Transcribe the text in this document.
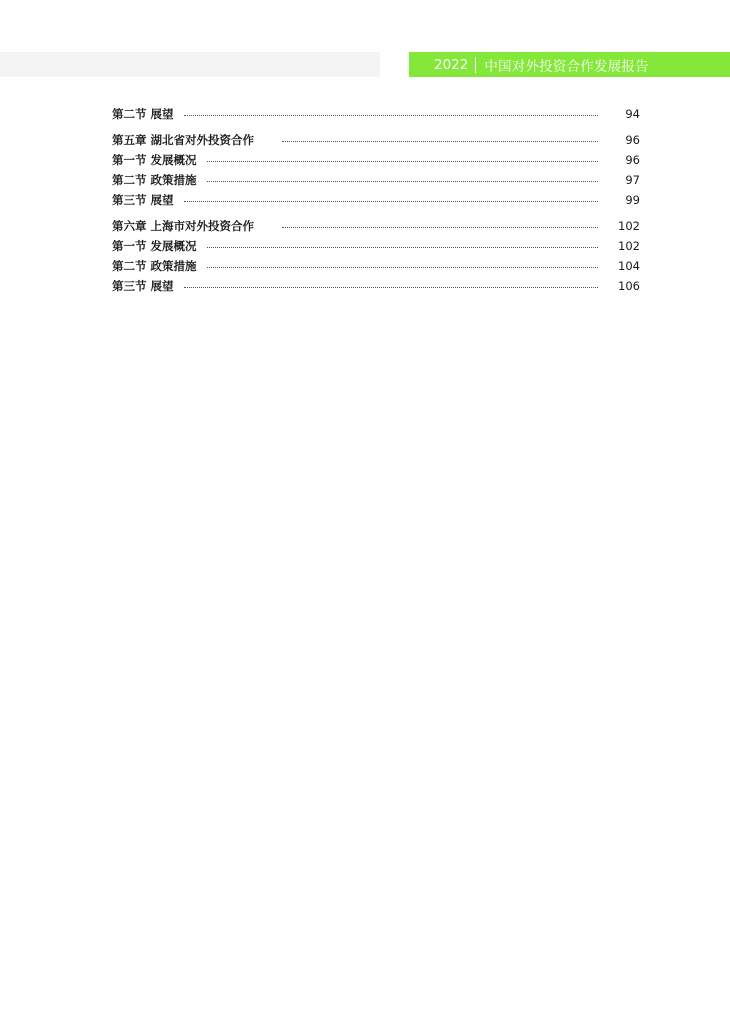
2022	中国对外投资合作发展报告
第二节 展望	94
第五章 湖北省对外投资合作	96
第一节 发展概况	96
第二节 政策措施	97
第三节 展望	99
第六章 上海市对外投资合作	102
第一节 发展概况	102
第二节 政策措施	104
第三节 展望	106
